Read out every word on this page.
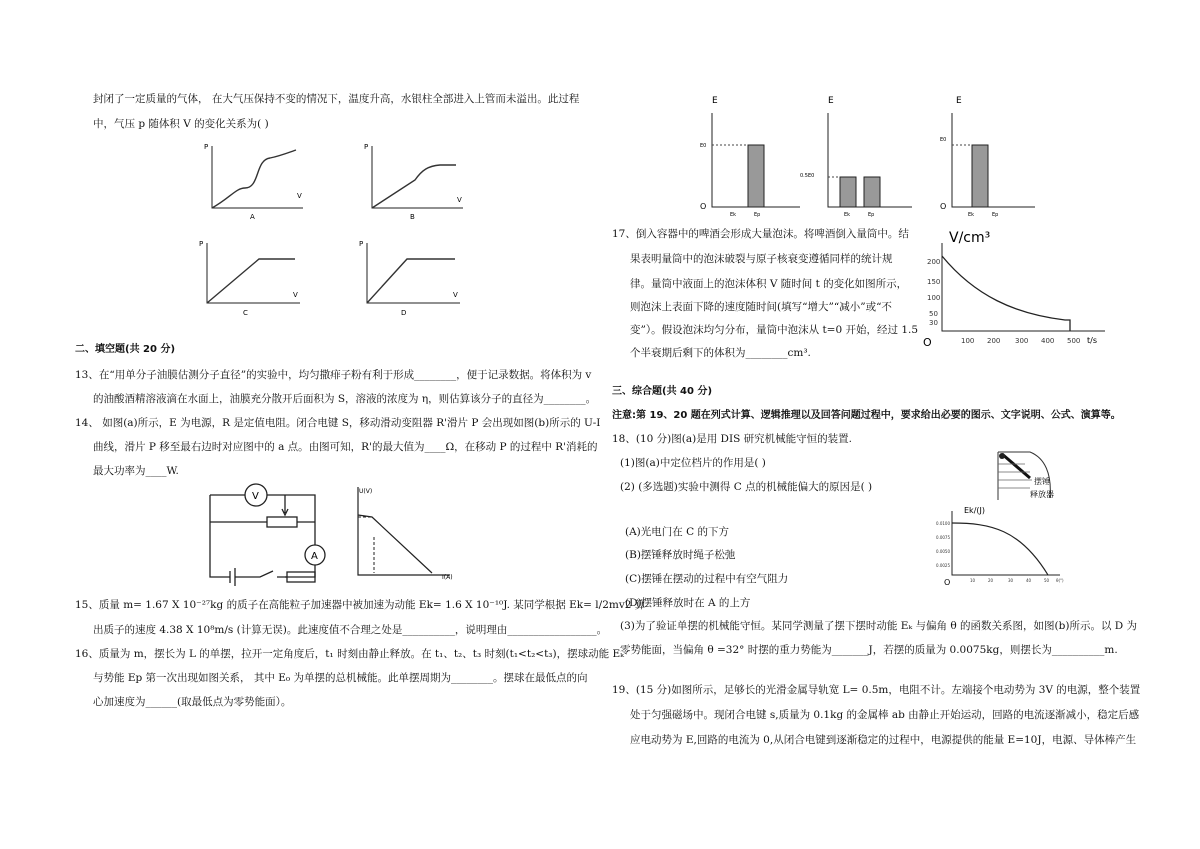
封闭了一定质量的气体， 在大气压保持不变的情况下，温度升高，水银柱全部进入上管而未溢出。此过程
中，气压 p 随体积 V 的变化关系为( )
P
V
A
P
V
B
P
V
C
P
V
D
二、填空题(共 20 分)
13、在“用单分子油膜估测分子直径”的实验中，均匀撒痱子粉有利于形成________，便于记录数据。将体积为 v
的油酸酒精溶液滴在水面上，油膜充分散开后面积为 S，溶液的浓度为 η，则估算该分子的直径为________。
14、 如图(a)所示，E 为电源，R 是定值电阻。闭合电键 S，移动滑动变阻器 R'滑片 P 会出现如图(b)所示的 U-I
曲线，滑片 P 移至最右边时对应图中的 a 点。由图可知，R'的最大值为____Ω，在移动 P 的过程中 R'消耗的
最大功率为____W.
V
A
U(V)
I(A)
15、质量 m= 1.67 X 10⁻²⁷kg 的质子在高能粒子加速器中被加速为动能 Ek= 1.6 X 10⁻¹⁰J. 某同学根据 Ek= l/2mv2 算
出质子的速度 4.38 X 10⁸m/s (计算无误)。此速度值不合理之处是__________，说明理由_________________。
16、质量为 m，摆长为 L 的单摆，拉开一定角度后，t₁ 时刻由静止释放。在 t₁、t₂、t₃ 时刻(t₁<t₂<t₃)，摆球动能 Eₖ
与势能 Ep 第一次出现如图关系， 其中 E₀ 为单摆的总机械能。此单摆周期为________。摆球在最低点的向
心加速度为______(取最低点为零势能面）。
E
O
E0
Ek	Ep
E
0.5E0
Ek	Ep
E
O
E0
Ek	Ep
17、倒入容器中的啤酒会形成大量泡沫。将啤酒倒入量筒中。结
果表明量筒中的泡沫破裂与原子核衰变遵循同样的统计规
律。量筒中液面上的泡沫体积 V 随时间 t 的变化如图所示，
则泡沫上表面下降的速度随时间(填写“增大”“减小”或“不
变”）。假设泡沫均匀分布，量筒中泡沫从 t=0 开始，经过 1.5
个半衰期后剩下的体积为________cm³.
V/cm³
O
200
150
100
50
30
100 200 300 400 500 t/s
三、综合题(共 40 分)
注意:第 19、20 题在列式计算、逻辑推理以及回答问题过程中，要求给出必要的图示、文字说明、公式、演算等。
18、(10 分)图(a)是用 DIS 研究机械能守恒的装置.
(1)图(a)中定位档片的作用是( )
(2) (多选题)实验中测得 C 点的机械能偏大的原因是( )
(A)光电门在 C 的下方
(B)摆锤释放时绳子松弛
(C)摆锤在摆动的过程中有空气阻力
(D)摆锤释放时在 A 的上方
(3)为了验证单摆的机械能守恒。某同学测量了摆下摆时动能 Eₖ 与偏角 θ 的函数关系图，如图(b)所示。以 D 为
零势能面，当偏角 θ =32° 时摆的重力势能为_______J，若摆的质量为 0.0075kg，则摆长为__________m.
摆锤
释放器
Ek/(J)
O
0.0100
0.0075
0.0050
0.0025
10	20	30	40	50 θ(°)
19、(15 分)如图所示，足够长的光滑金属导轨宽 L= 0.5m，电阻不计。左端接个电动势为 3V 的电源，整个装置
处于匀强磁场中。现闭合电键 s,质量为 0.1kg 的金属棒 ab 由静止开始运动，回路的电流逐渐减小，稳定后感
应电动势为 E,回路的电流为 0,从闭合电键到逐渐稳定的过程中，电源提供的能量 E=10J，电源、导体棒产生
